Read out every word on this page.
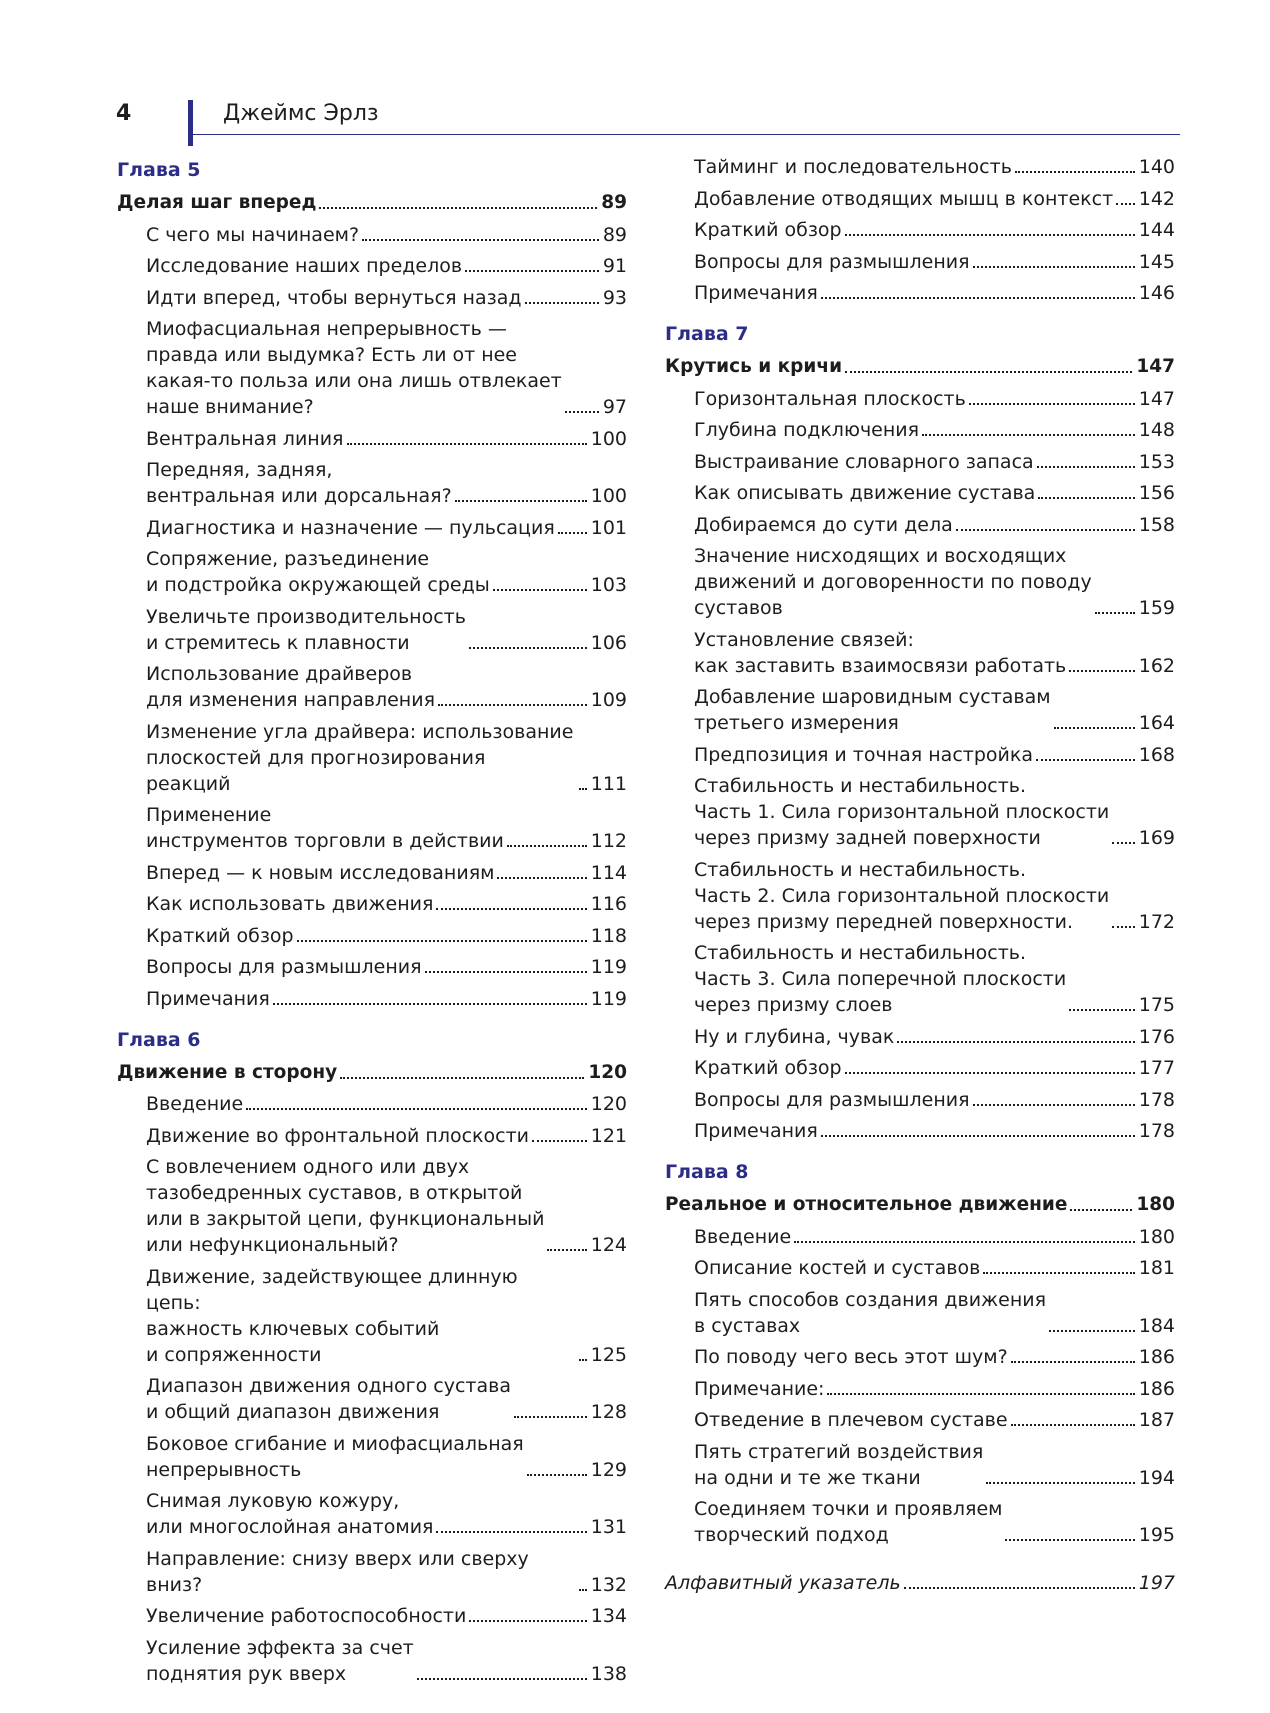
4	Джеймс Эрлз
Глава 5
Делая шаг вперед	89
С чего мы начинаем?	89
Исследование наших пределов	91
Идти вперед, чтобы вернуться назад	93
Миофасциальная непрерывность —
правда или выдумка? Есть ли от нее
какая-то польза или она лишь отвлекает
наше внимание?	97
Вентральная линия	100
Передняя, задняя,
вентральная или дорсальная?	100
Диагностика и назначение — пульсация 101
Сопряжение, разъединение
и подстройка окружающей среды	103
Увеличьте производительность
и стремитесь к плавности	106
Использование драйверов
для изменения направления	109
Изменение угла драйвера: использование
плоскостей для прогнозирования реакций	111
Применение
инструментов торговли в действии	112
Вперед — к новым исследованиям	114
Как использовать движения	116
Краткий обзор	118
Вопросы для размышления	119
Примечания	119
Глава 6
Движение в сторону	120
Введение	120
Движение во фронтальной плоскости	121
С вовлечением одного или двух
тазобедренных суставов, в открытой
или в закрытой цепи, функциональный
или нефункциональный?	124
Движение, задействующее длинную цепь:
важность ключевых событий
и сопряженности	125
Диапазон движения одного сустава
и общий диапазон движения	128
Боковое сгибание и миофасциальная
непрерывность	129
Снимая луковую кожуру,
или многослойная анатомия	131
Направление: снизу вверх или сверху вниз?	132
Увеличение работоспособности	134
Усиление эффекта за счет
поднятия рук вверх	138
Тайминг и последовательность	140
Добавление отводящих мышц в контекст 142
Краткий обзор	144
Вопросы для размышления	145
Примечания	146
Глава 7
Крутись и кричи	147
Горизонтальная плоскость	147
Глубина подключения	148
Выстраивание словарного запаса	153
Как описывать движение сустава	156
Добираемся до сути дела	158
Значение нисходящих и восходящих
движений и договоренности по поводу
суставов	159
Установление связей:
как заставить взаимосвязи работать	162
Добавление шаровидным суставам
третьего измерения	164
Предпозиция и точная настройка	168
Стабильность и нестабильность.
Часть 1. Сила горизонтальной плоскости
через призму задней поверхности	169
Стабильность и нестабильность.
Часть 2. Сила горизонтальной плоскости
через призму передней поверхности.	172
Стабильность и нестабильность.
Часть 3. Сила поперечной плоскости
через призму слоев	175
Ну и глубина, чувак	176
Краткий обзор	177
Вопросы для размышления	178
Примечания	178
Глава 8
Реальное и относительное движение	180
Введение	180
Описание костей и суставов	181
Пять способов создания движения
в суставах	184
По поводу чего весь этот шум?	186
Примечание:	186
Отведение в плечевом суставе	187
Пять стратегий воздействия
на одни и те же ткани	194
Соединяем точки и проявляем
творческий подход	195
Алфавитный указатель	197
